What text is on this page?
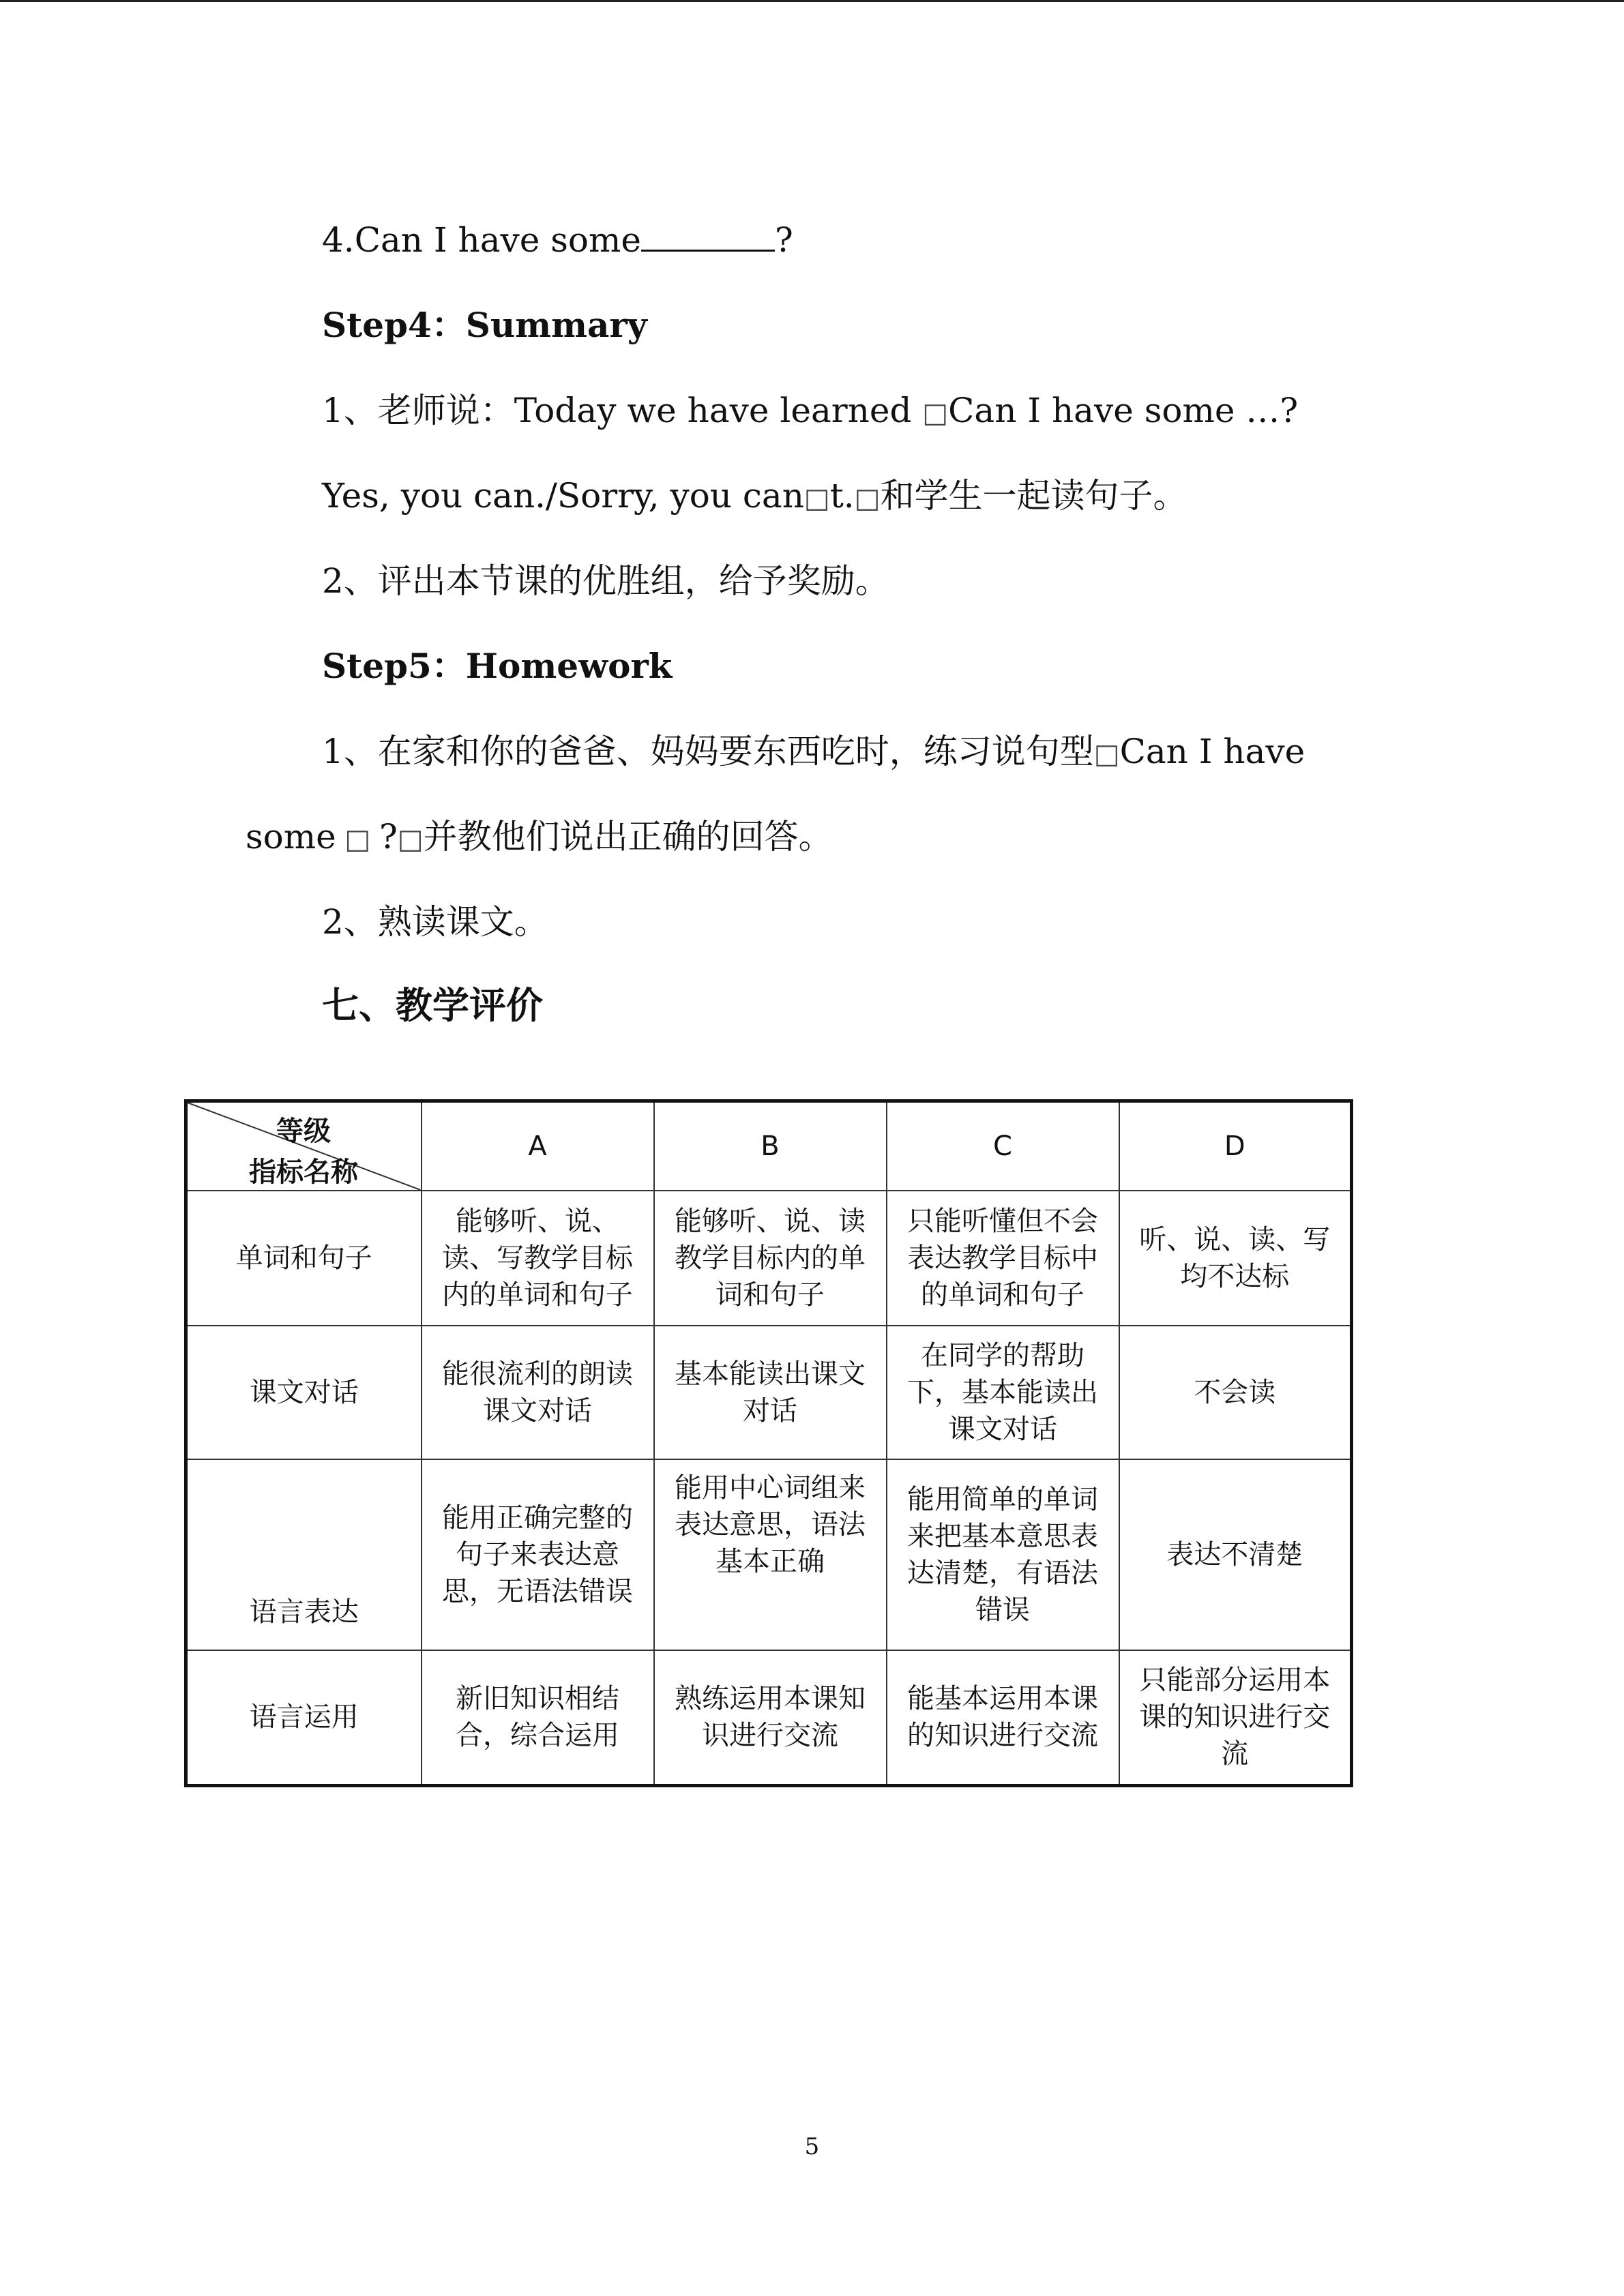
4.Can I have some	?
Step4：Summary
1、老师说：Today we have learned □Can I have some …?
Yes, you can./Sorry, you can□t.□和学生一起读句子。
2、评出本节课的优胜组，给予奖励。
Step5：Homework
1、在家和你的爸爸、妈妈要东西吃时，练习说句型□Can I have
some □ ?□并教他们说出正确的回答。
2、熟读课文。
七、教学评价
等级
指标名称	A	B	C	D
单词和句子	能够听、说、读、写教学目标内的单词和句子	能够听、说、读教学目标内的单词和句子	只能听懂但不会表达教学目标中的单词和句子	听、说、读、写均不达标
课文对话	能很流利的朗读课文对话	基本能读出课文对话	在同学的帮助下，基本能读出课文对话	不会读
语言表达	能用正确完整的句子来表达意思，无语法错误	能用中心词组来表达意思，语法基本正确	能用简单的单词来把基本意思表达清楚，有语法错误	表达不清楚
语言运用	新旧知识相结合，综合运用	熟练运用本课知识进行交流	能基本运用本课的知识进行交流	只能部分运用本课的知识进行交流
5
